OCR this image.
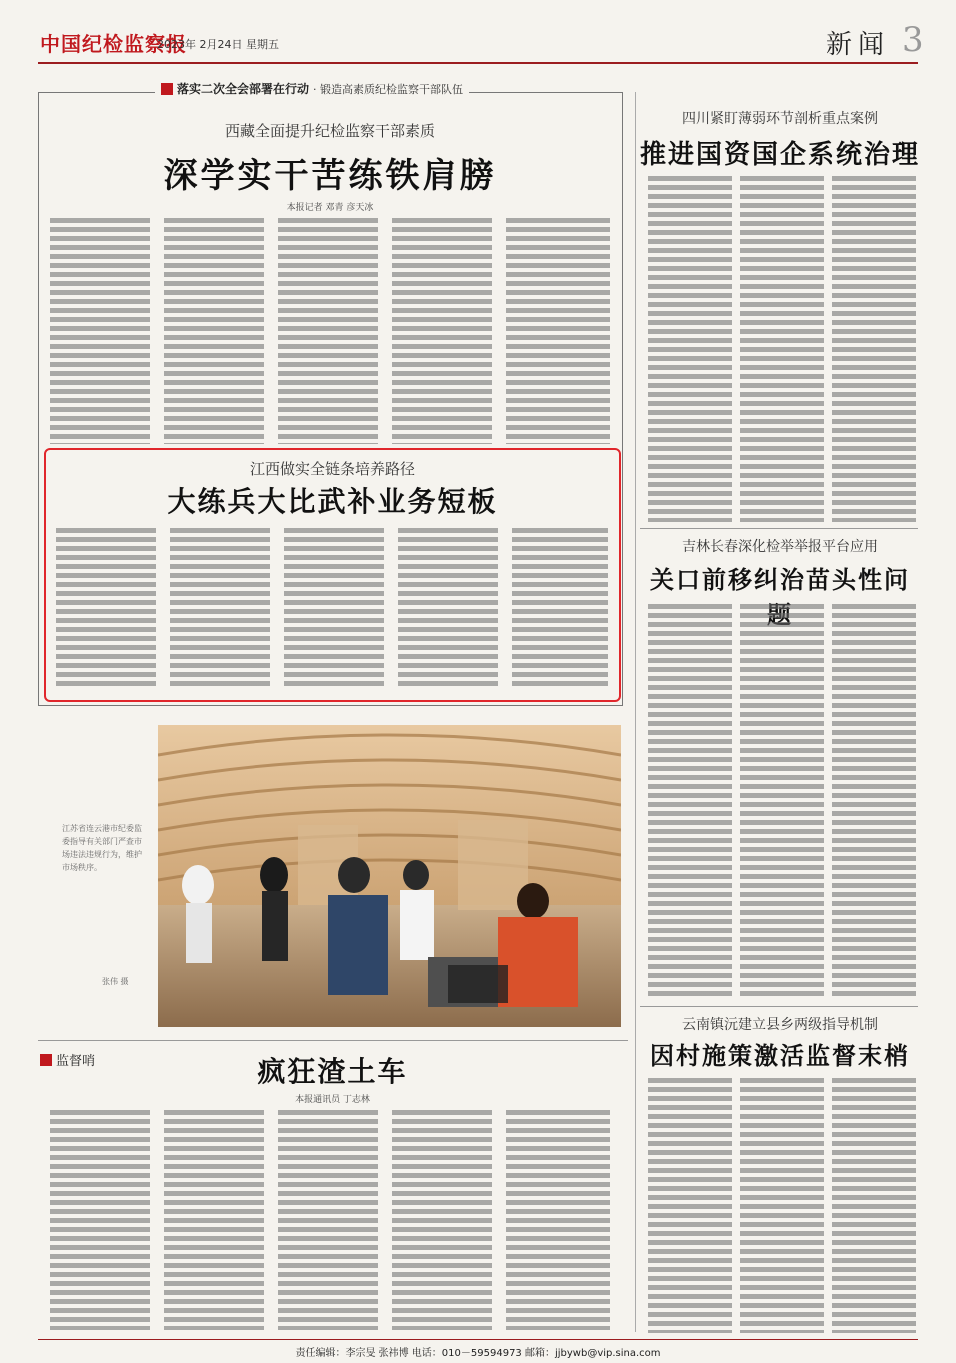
中国纪检监察报
2023年 2月24日 星期五	新闻 3
落实二次全会部署在行动 · 锻造高素质纪检监察干部队伍
西藏全面提升纪检监察干部素质
深学实干苦练铁肩膀
本报记者 邓青 彦天冰
江西做实全链条培养路径
大练兵大比武补业务短板
四川紧盯薄弱环节剖析重点案例
推进国资国企系统治理
吉林长春深化检举举报平台应用
关口前移纠治苗头性问题
云南镇沅建立县乡两级指导机制
因村施策激活监督末梢
江苏省连云港市纪委监委指导有关部门严查市场违法违规行为，维护市场秩序。
张伟 摄
监督哨	疯狂渣土车
本报通讯员 丁志林
责任编辑：李宗旻 张祎博 电话：010－59594973 邮箱：jjbywb@vip.sina.com
